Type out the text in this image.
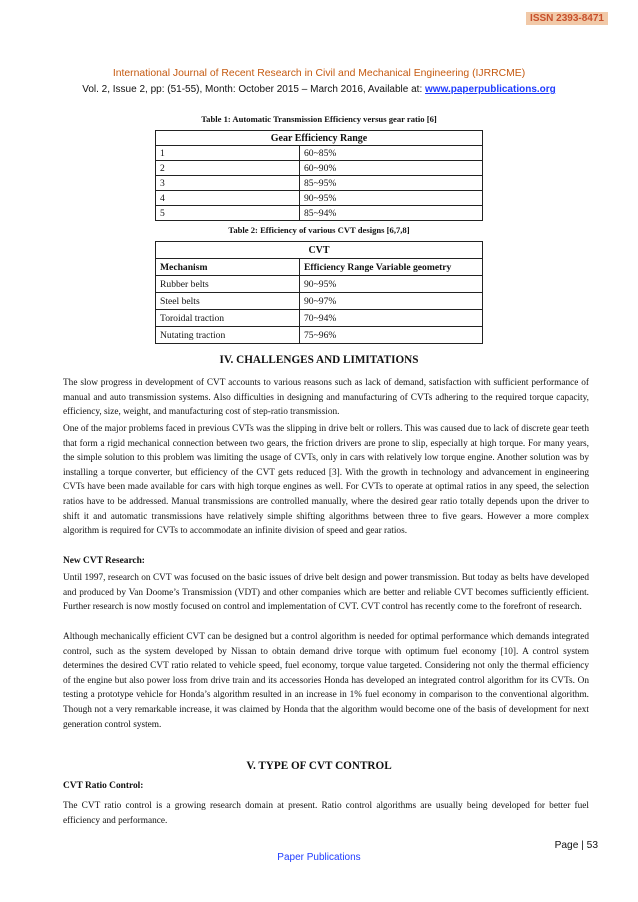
ISSN 2393-8471
International Journal of Recent Research in Civil and Mechanical Engineering (IJRRCME)
Vol. 2, Issue 2, pp: (51-55), Month: October 2015 – March 2016, Available at: www.paperpublications.org
Table 1: Automatic Transmission Efficiency versus gear ratio [6]
Gear Efficiency Range	
1	60~85%
2	60~90%
3	85~95%
4	90~95%
5	85~94%
Table 2: Efficiency of various CVT designs [6,7,8]
CVT	
Mechanism	Efficiency Range Variable geometry
Rubber belts	90~95%
Steel belts	90~97%
Toroidal traction	70~94%
Nutating traction	75~96%
IV. CHALLENGES AND LIMITATIONS

The slow progress in development of CVT accounts to various reasons such as lack of demand, satisfaction with sufficient performance of manual and auto transmission systems. Also difficulties in designing and manufacturing of CVTs adhering to the required torque capacity, efficiency, size, weight, and manufacturing cost of step-ratio transmission.

One of the major problems faced in previous CVTs was the slipping in drive belt or rollers. This was caused due to lack of discrete gear teeth that form a rigid mechanical connection between two gears, the friction drivers are prone to slip, especially at high torque. For many years, the simple solution to this problem was limiting the usage of CVTs, only in cars with relatively low torque engine. Another solution was by installing a torque converter, but efficiency of the CVT gets reduced [3]. With the growth in technology and advancement in engineering CVTs have been made available for cars with high torque engines as well. For CVTs to operate at optimal ratios in any speed, the selection ratios have to be addressed. Manual transmissions are controlled manually, where the desired gear ratio totally depends upon the driver to shift it and automatic transmissions have relatively simple shifting algorithms between three to five gears. However a more complex algorithm is required for CVTs to accommodate an infinite division of speed and gear ratios.

New CVT Research:

Until 1997, research on CVT was focused on the basic issues of drive belt design and power transmission. But today as belts have developed and produced by Van Doome’s Transmission (VDT) and other companies which are better and reliable CVT becomes sufficiently efficient. Further research is now mostly focused on control and implementation of CVT. CVT control has recently come to the forefront of research.

Although mechanically efficient CVT can be designed but a control algorithm is needed for optimal performance which demands integrated control, such as the system developed by Nissan to obtain demand drive torque with optimum fuel economy [10]. A control system determines the desired CVT ratio related to vehicle speed, fuel economy, torque value targeted. Considering not only the thermal efficiency of the engine but also power loss from drive train and its accessories Honda has developed an integrated control algorithm for its CVTs. On testing a prototype vehicle for Honda’s algorithm resulted in an increase in 1% fuel economy in comparison to the conventional algorithm. Though not a very remarkable increase, it was claimed by Honda that the algorithm would become one of the basis of development for next generation control system.

V. TYPE OF CVT CONTROL
CVT Ratio Control:

The CVT ratio control is a growing research domain at present. Ratio control algorithms are usually being developed for better fuel efficiency and performance.

Page | 53
Paper Publications
